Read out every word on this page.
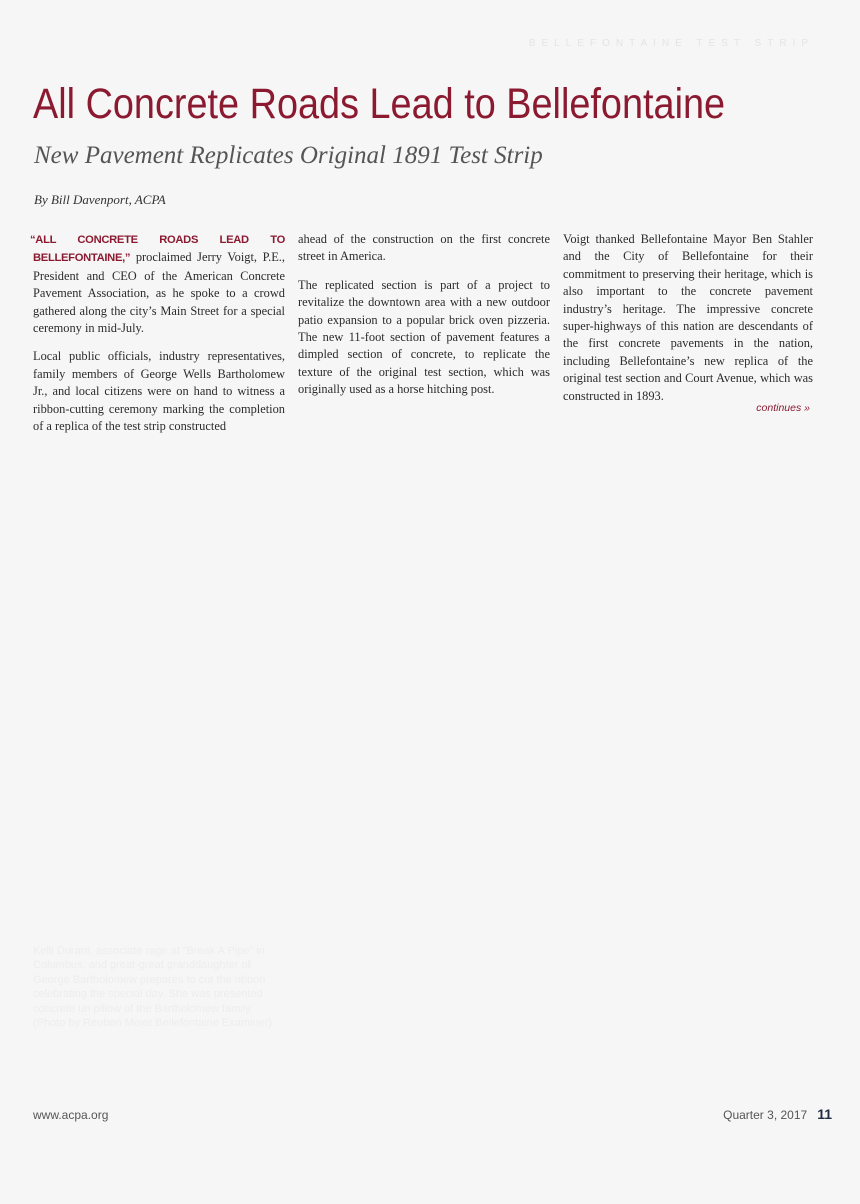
BELLEFONTAINE TEST STRIP
All Concrete Roads Lead to Bellefontaine
New Pavement Replicates Original 1891 Test Strip
By Bill Davenport, ACPA

“ALL CONCRETE ROADS LEAD TO BELLEFONTAINE,” proclaimed Jerry Voigt, P.E., President and CEO of the American Concrete Pavement Association, as he spoke to a crowd gathered along the city’s Main Street for a special ceremony in mid-July.

Local public officials, industry representatives, family members of George Wells Bartholomew Jr., and local citizens were on hand to witness a ribbon-cutting ceremony marking the completion of a replica of the test strip constructed

ahead of the construction on the first concrete street in America.

The replicated section is part of a project to revitalize the downtown area with a new outdoor patio expansion to a popular brick oven pizzeria. The new 11-foot section of pavement features a dimpled section of concrete, to replicate the texture of the original test section, which was originally used as a horse hitching post.

Voigt thanked Bellefontaine Mayor Ben Stahler and the City of Bellefontaine for their commitment to preserving their heritage, which is also important to the concrete pavement industry’s heritage. The impressive concrete super-highways of this nation are descendants of the first concrete pavements in the nation, including Bellefontaine’s new replica of the original test section and Court Avenue, which was constructed in 1893.

continues »
Kelli Durant, associate rage at “Break A Pipe” in Columbus, and great-great granddaughter of George Bartholomew prepares to cut the ribbon celebrating the special day. She was presented concrete un pillow of the Bartholomew family. (Photo by Reuben Meier Bellefontaine Examiner)
www.acpa.org	Quarter 3, 2017 11
